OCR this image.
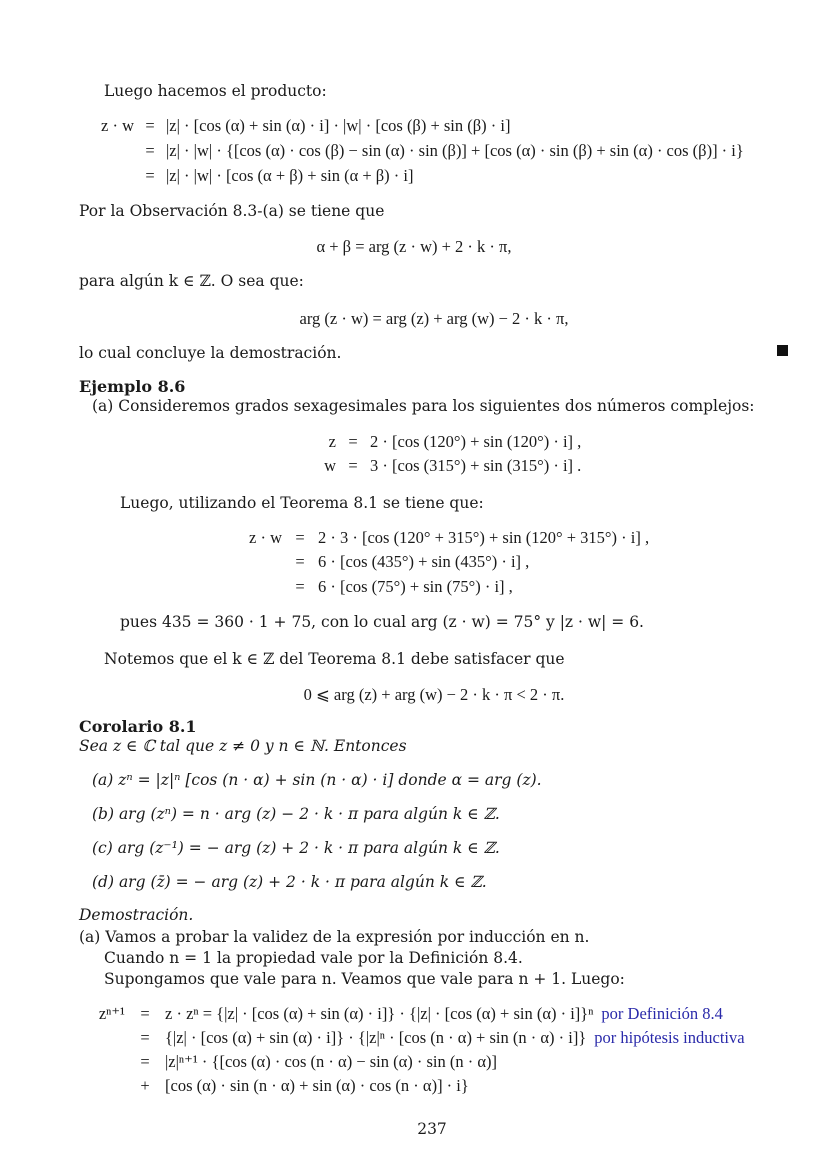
Luego hacemos el producto:
z · w = |z| · [cos (α) + sin (α) · i] · |w| · [cos (β) + sin (β) · i]
= |z| · |w| · {[cos (α) · cos (β) − sin (α) · sin (β)] + [cos (α) · sin (β) + sin (α) · cos (β)] · i}
= |z| · |w| · [cos (α + β) + sin (α + β) · i]
Por la Observación 8.3-(a) se tiene que
α + β = arg (z · w) + 2 · k · π,
para algún k ∈ ℤ. O sea que:
arg (z · w) = arg (z) + arg (w) − 2 · k · π,
lo cual concluye la demostración.
Ejemplo 8.6
(a) Consideremos grados sexagesimales para los siguientes dos números complejos:
z = 2 · [cos (120°) + sin (120°) · i] ,
w = 3 · [cos (315°) + sin (315°) · i] .
Luego, utilizando el Teorema 8.1 se tiene que:
z · w = 2 · 3 · [cos (120° + 315°) + sin (120° + 315°) · i] ,
= 6 · [cos (435°) + sin (435°) · i] ,
= 6 · [cos (75°) + sin (75°) · i] ,
pues 435 = 360 · 1 + 75, con lo cual arg (z · w) = 75° y |z · w| = 6.
Notemos que el k ∈ ℤ del Teorema 8.1 debe satisfacer que
0 ⩽ arg (z) + arg (w) − 2 · k · π < 2 · π.
Corolario 8.1
Sea z ∈ ℂ tal que z ≠ 0 y n ∈ ℕ. Entonces
(a) zⁿ = |z|ⁿ [cos (n · α) + sin (n · α) · i] donde α = arg (z).
(b) arg (zⁿ) = n · arg (z) − 2 · k · π para algún k ∈ ℤ.
(c) arg (z⁻¹) = − arg (z) + 2 · k · π para algún k ∈ ℤ.
(d) arg (z̄) = − arg (z) + 2 · k · π para algún k ∈ ℤ.
Demostración.
(a) Vamos a probar la validez de la expresión por inducción en n.
Cuando n = 1 la propiedad vale por la Definición 8.4.
Supongamos que vale para n. Veamos que vale para n + 1. Luego:
zⁿ⁺¹ = z · zⁿ = {|z| · [cos (α) + sin (α) · i]} · {|z| · [cos (α) + sin (α) · i]}ⁿ por Definición 8.4
= {|z| · [cos (α) + sin (α) · i]} · {|z|ⁿ · [cos (n · α) + sin (n · α) · i]} por hipótesis inductiva
= |z|ⁿ⁺¹ · {[cos (α) · cos (n · α) − sin (α) · sin (n · α)]
+ [cos (α) · sin (n · α) + sin (α) · cos (n · α)] · i}
237
